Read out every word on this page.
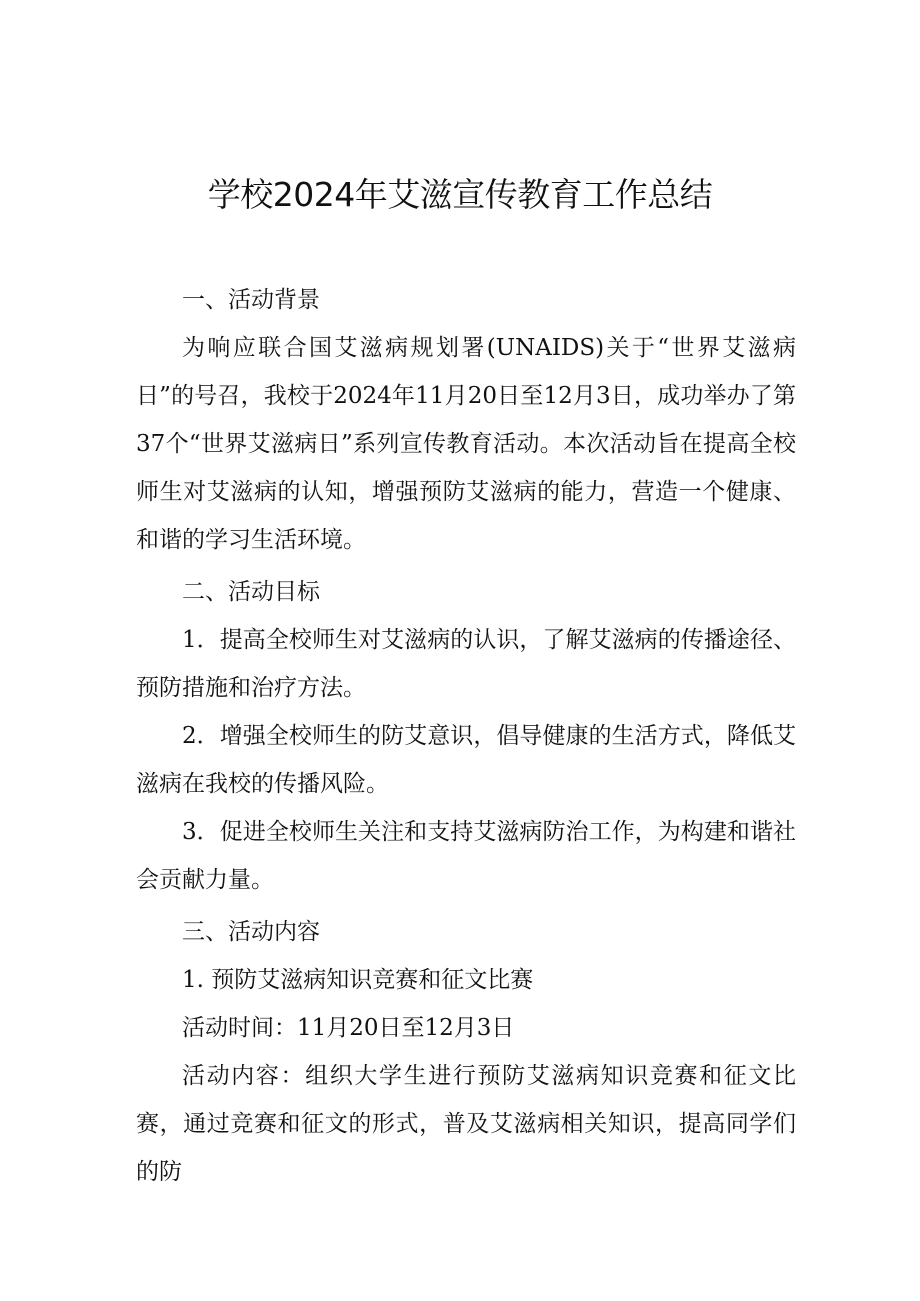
学校2024年艾滋宣传教育工作总结
一、活动背景

为响应联合国艾滋病规划署(UNAIDS)关于“世界艾滋病日”的号召，我校于2024年11月20日至12月3日，成功举办了第37个“世界艾滋病日”系列宣传教育活动。本次活动旨在提高全校师生对艾滋病的认知，增强预防艾滋病的能力，营造一个健康、和谐的学习生活环境。

二、活动目标

1．提高全校师生对艾滋病的认识，了解艾滋病的传播途径、预防措施和治疗方法。

2．增强全校师生的防艾意识，倡导健康的生活方式，降低艾滋病在我校的传播风险。

3．促进全校师生关注和支持艾滋病防治工作，为构建和谐社会贡献力量。

三、活动内容
1. 预防艾滋病知识竞赛和征文比赛
活动时间：11月20日至12月3日

活动内容：组织大学生进行预防艾滋病知识竞赛和征文比赛，通过竞赛和征文的形式，普及艾滋病相关知识，提高同学们的防
